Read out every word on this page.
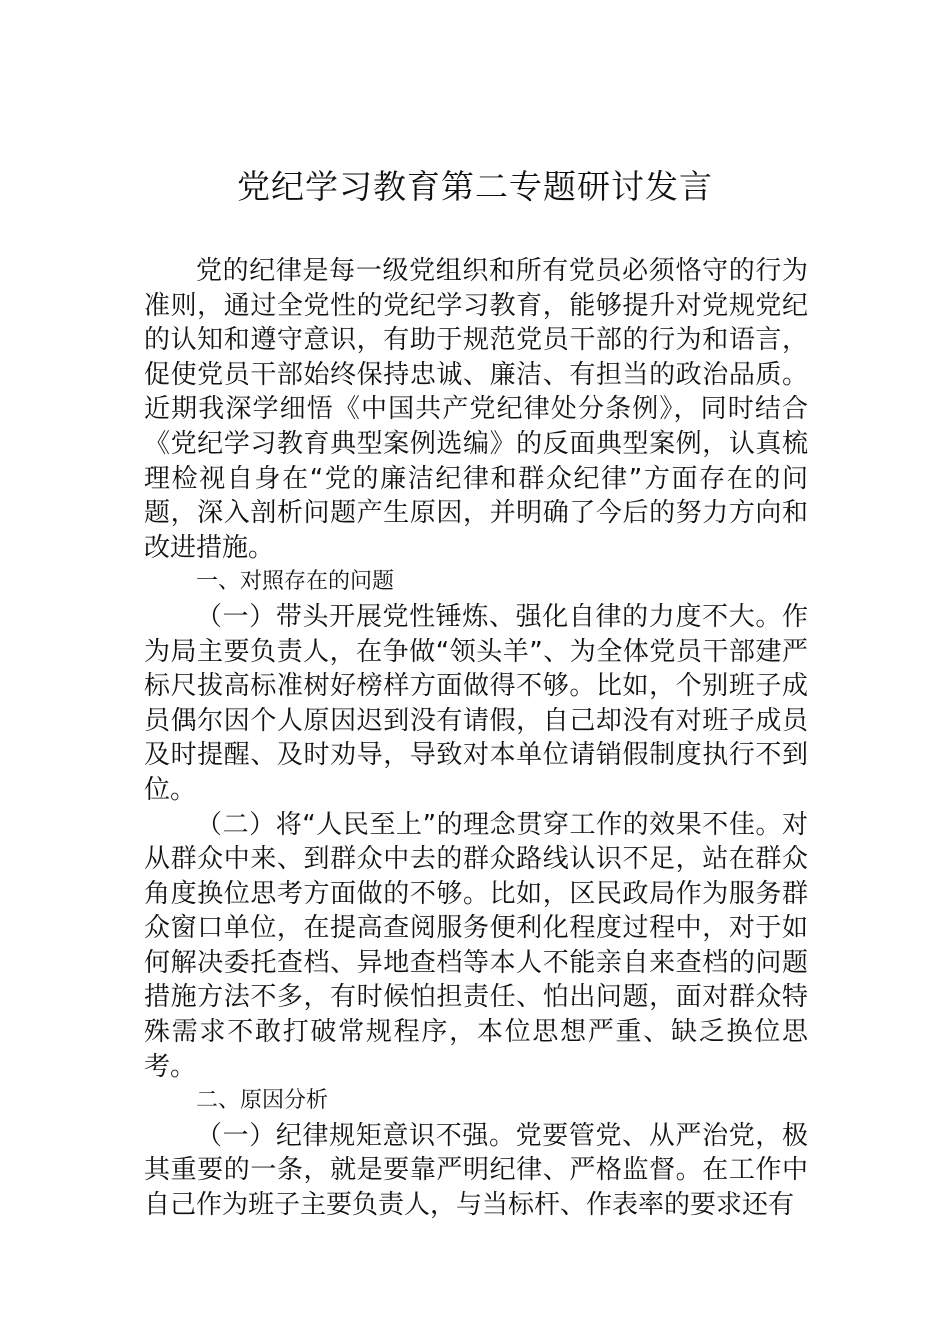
党纪学习教育第二专题研讨发言

党的纪律是每一级党组织和所有党员必须恪守的行为准则，通过全党性的党纪学习教育，能够提升对党规党纪的认知和遵守意识，有助于规范党员干部的行为和语言，促使党员干部始终保持忠诚、廉洁、有担当的政治品质。近期我深学细悟《中国共产党纪律处分条例》，同时结合《党纪学习教育典型案例选编》的反面典型案例，认真梳理检视自身在“党的廉洁纪律和群众纪律”方面存在的问题，深入剖析问题产生原因，并明确了今后的努力方向和改进措施。

一、对照存在的问题

（一）带头开展党性锤炼、强化自律的力度不大。作为局主要负责人，在争做“领头羊”、为全体党员干部建严标尺拔高标准树好榜样方面做得不够。比如，个别班子成员偶尔因个人原因迟到没有请假，自己却没有对班子成员及时提醒、及时劝导，导致对本单位请销假制度执行不到位。

（二）将“人民至上”的理念贯穿工作的效果不佳。对从群众中来、到群众中去的群众路线认识不足，站在群众角度换位思考方面做的不够。比如，区民政局作为服务群众窗口单位，在提高查阅服务便利化程度过程中，对于如何解决委托查档、异地查档等本人不能亲自来查档的问题措施方法不多，有时候怕担责任、怕出问题，面对群众特殊需求不敢打破常规程序，本位思想严重、缺乏换位思考。

二、原因分析

（一）纪律规矩意识不强。党要管党、从严治党，极其重要的一条，就是要靠严明纪律、严格监督。在工作中自己作为班子主要负责人，与当标杆、作表率的要求还有
